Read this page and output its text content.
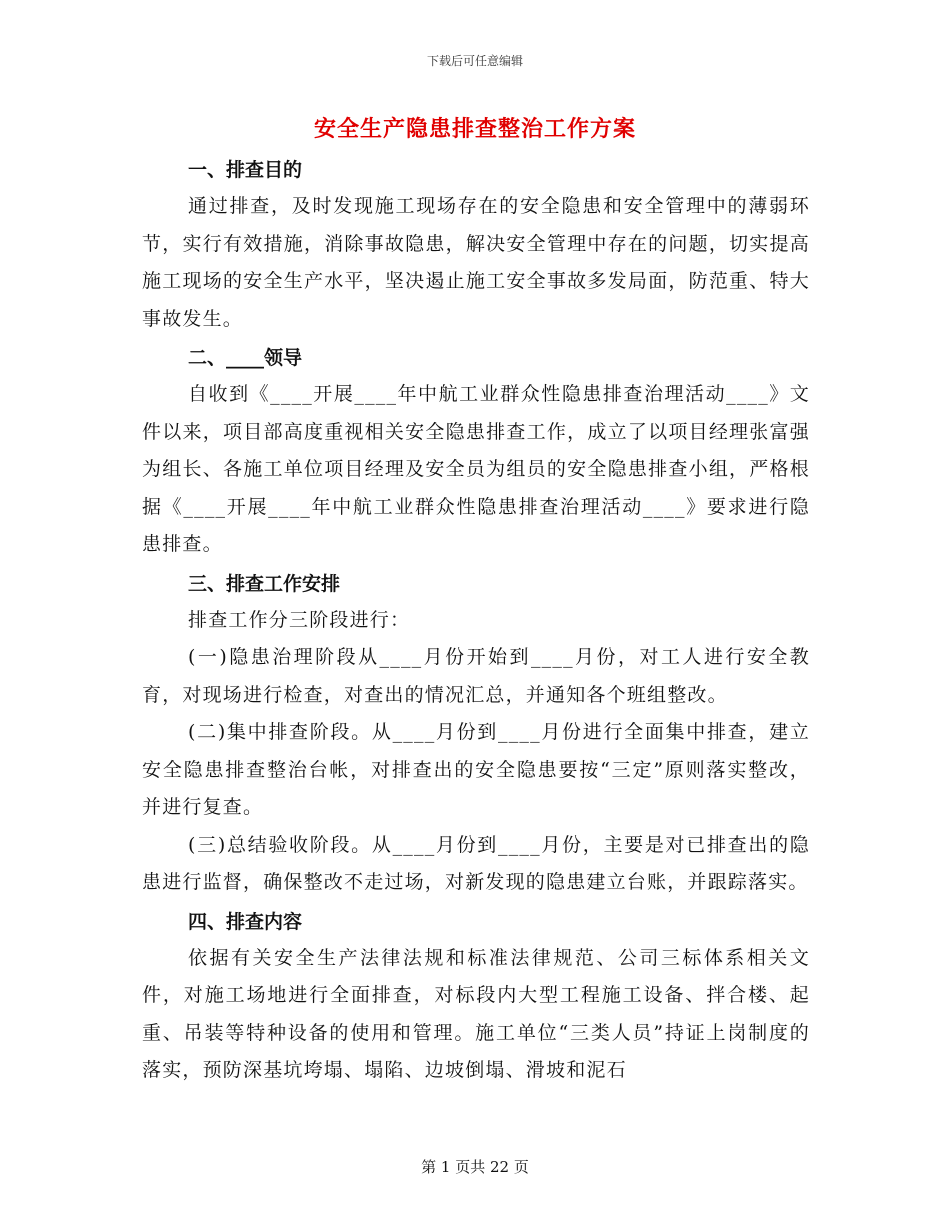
下载后可任意编辑
安全生产隐患排查整治工作方案
一、排查目的

通过排查，及时发现施工现场存在的安全隐患和安全管理中的薄弱环节，实行有效措施，消除事故隐患，解决安全管理中存在的问题，切实提高施工现场的安全生产水平，坚决遏止施工安全事故多发局面，防范重、特大事故发生。

二、____领导

自收到《____开展____年中航工业群众性隐患排查治理活动____》文件以来，项目部高度重视相关安全隐患排查工作，成立了以项目经理张富强为组长、各施工单位项目经理及安全员为组员的安全隐患排查小组，严格根据《____开展____年中航工业群众性隐患排查治理活动____》要求进行隐患排查。

三、排查工作安排

排查工作分三阶段进行：

(一)隐患治理阶段从____月份开始到____月份，对工人进行安全教育，对现场进行检查，对查出的情况汇总，并通知各个班组整改。

(二)集中排查阶段。从____月份到____月份进行全面集中排查，建立安全隐患排查整治台帐，对排查出的安全隐患要按“三定”原则落实整改，并进行复查。

(三)总结验收阶段。从____月份到____月份，主要是对已排查出的隐患进行监督，确保整改不走过场，对新发现的隐患建立台账，并跟踪落实。

四、排查内容

依据有关安全生产法律法规和标准法律规范、公司三标体系相关文件，对施工场地进行全面排查，对标段内大型工程施工设备、拌合楼、起重、吊装等特种设备的使用和管理。施工单位“三类人员”持证上岗制度的落实，预防深基坑垮塌、塌陷、边坡倒塌、滑坡和泥石

第 1 页共 22 页
